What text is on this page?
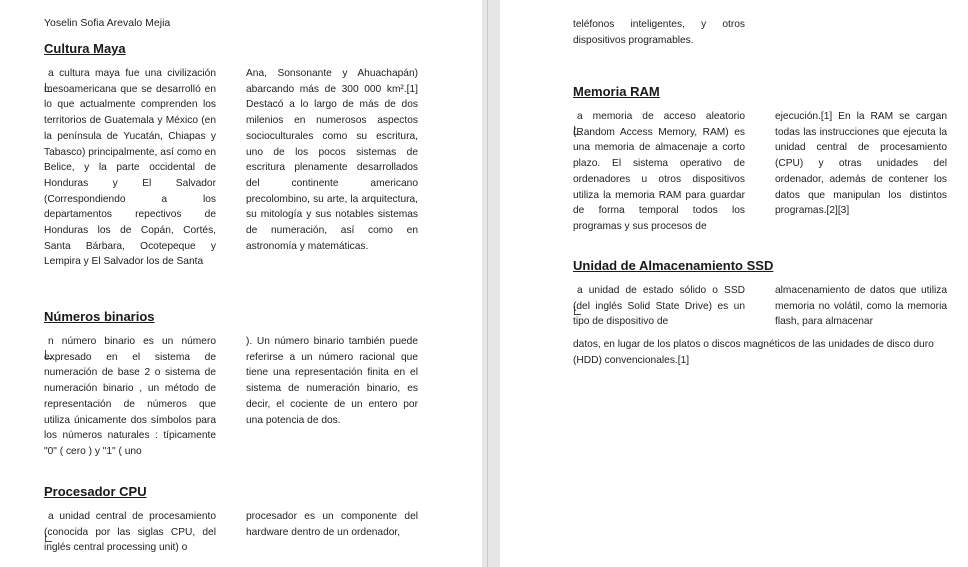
Yoselin Sofia Arevalo Mejia
Cultura Maya
a cultura maya fue una civilización mesoamericana que se desarrolló en lo que actualmente comprenden los territorios de Guatemala y México (en la península de Yucatán, Chiapas y Tabasco) principalmente, así como en Belice, y la parte occidental de Honduras y El Salvador (Correspondiendo a los departamentos repectivos de Honduras los de Copán, Cortés, Santa Bárbara, Ocotepeque y Lempira y El Salvador los de Santa
Ana, Sonsonante y Ahuachapán) abarcando más de 300 000 km².[1] Destacó a lo largo de más de dos milenios en numerosos aspectos socioculturales como su escritura, uno de los pocos sistemas de escritura plenamente desarrollados del continente americano precolombino, su arte, la arquitectura, su mitología y sus notables sistemas de numeración, así como en astronomía y matemáticas.
Números binarios
n número binario es un número expresado en el sistema de numeración de base 2 o sistema de numeración binario , un método de representación de números que utiliza únicamente dos símbolos para los números naturales : típicamente "0" ( cero ) y "1" ( uno
). Un número binario también puede referirse a un número racional que tiene una representación finita en el sistema de numeración binario, es decir, el cociente de un entero por una potencia de dos.
Procesador CPU
a unidad central de procesamiento (conocida por las siglas CPU, del inglés central processing unit) o
procesador es un componente del hardware dentro de un ordenador,
teléfonos inteligentes, y otros dispositivos programables.
Memoria RAM
a memoria de acceso aleatorio (Random Access Memory, RAM) es una memoria de almacenaje a corto plazo. El sistema operativo de ordenadores u otros dispositivos utiliza la memoria RAM para guardar de forma temporal todos los programas y sus procesos de
ejecución.[1] En la RAM se cargan todas las instrucciones que ejecuta la unidad central de procesamiento (CPU) y otras unidades del ordenador, además de contener los datos que manipulan los distintos programas.[2][3]
Unidad de Almacenamiento SSD
a unidad de estado sólido o SSD (del inglés Solid State Drive) es un tipo de dispositivo de
almacenamiento de datos que utiliza memoria no volátil, como la memoria flash, para almacenar
datos, en lugar de los platos o discos magnéticos de las unidades de disco duro (HDD) convencionales.[1]
